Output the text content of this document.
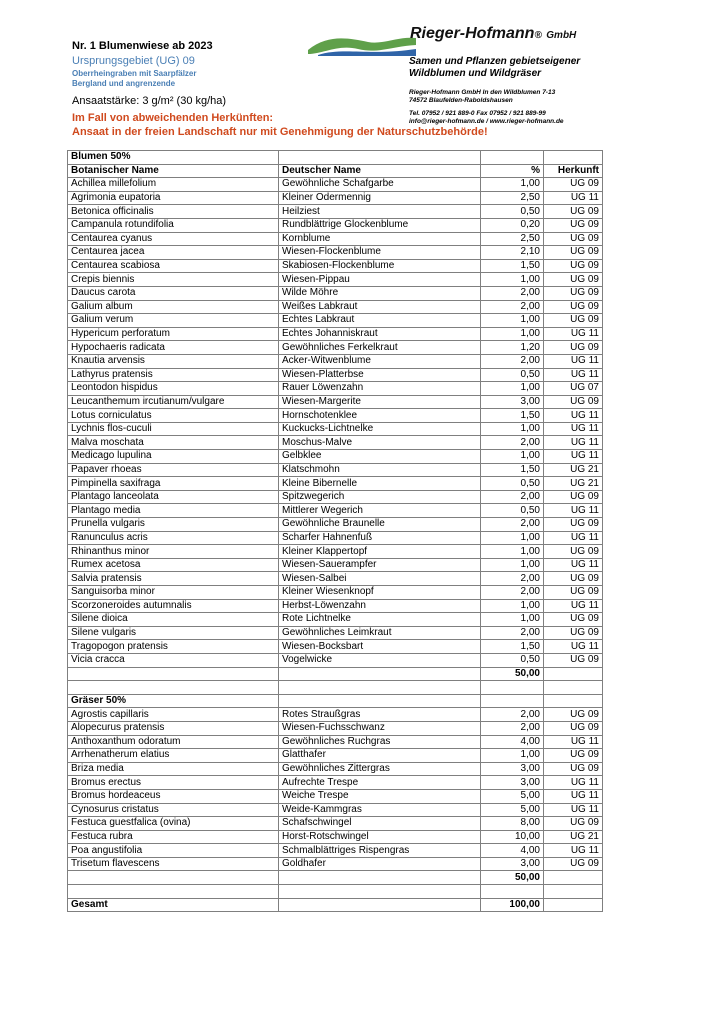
Nr. 1 Blumenwiese ab 2023
Ursprungsgebiet (UG) 09
Oberrheingraben mit Saarpfälzer
Bergland und angrenzende
Ansaatstärke: 3 g/m² (30 kg/ha)
Rieger-Hofmann® GmbH
Samen und Pflanzen gebietseigener
Wildblumen und Wildgräser
Rieger-Hofmann GmbH In den Wildblumen 7-13
74572 Blaufelden-Raboldshausen
Tel. 07952 / 921 889-0 Fax 07952 / 921 889-99
info@rieger-hofmann.de / www.rieger-hofmann.de
Im Fall von abweichenden Herkünften:
Ansaat in der freien Landschaft nur mit Genehmigung der Naturschutzbehörde!
Blumen 50%			
Botanischer Name	Deutscher Name	%	Herkunft
Achillea millefolium	Gewöhnliche Schafgarbe	1,00	UG 09
Agrimonia eupatoria	Kleiner Odermennig	2,50	UG 11
Betonica officinalis	Heilziest	0,50	UG 09
Campanula rotundifolia	Rundblättrige Glockenblume	0,20	UG 09
Centaurea cyanus	Kornblume	2,50	UG 09
Centaurea jacea	Wiesen-Flockenblume	2,10	UG 09
Centaurea scabiosa	Skabiosen-Flockenblume	1,50	UG 09
Crepis biennis	Wiesen-Pippau	1,00	UG 09
Daucus carota	Wilde Möhre	2,00	UG 09
Galium album	Weißes Labkraut	2,00	UG 09
Galium verum	Echtes Labkraut	1,00	UG 09
Hypericum perforatum	Echtes Johanniskraut	1,00	UG 11
Hypochaeris radicata	Gewöhnliches Ferkelkraut	1,20	UG 09
Knautia arvensis	Acker-Witwenblume	2,00	UG 11
Lathyrus pratensis	Wiesen-Platterbse	0,50	UG 11
Leontodon hispidus	Rauer Löwenzahn	1,00	UG 07
Leucanthemum ircutianum/vulgare	Wiesen-Margerite	3,00	UG 09
Lotus corniculatus	Hornschotenklee	1,50	UG 11
Lychnis flos-cuculi	Kuckucks-Lichtnelke	1,00	UG 11
Malva moschata	Moschus-Malve	2,00	UG 11
Medicago lupulina	Gelbklee	1,00	UG 11
Papaver rhoeas	Klatschmohn	1,50	UG 21
Pimpinella saxifraga	Kleine Bibernelle	0,50	UG 21
Plantago lanceolata	Spitzwegerich	2,00	UG 09
Plantago media	Mittlerer Wegerich	0,50	UG 11
Prunella vulgaris	Gewöhnliche Braunelle	2,00	UG 09
Ranunculus acris	Scharfer Hahnenfuß	1,00	UG 11
Rhinanthus minor	Kleiner Klappertopf	1,00	UG 09
Rumex acetosa	Wiesen-Sauerampfer	1,00	UG 11
Salvia pratensis	Wiesen-Salbei	2,00	UG 09
Sanguisorba minor	Kleiner Wiesenknopf	2,00	UG 09
Scorzoneroides autumnalis	Herbst-Löwenzahn	1,00	UG 11
Silene dioica	Rote Lichtnelke	1,00	UG 09
Silene vulgaris	Gewöhnliches Leimkraut	2,00	UG 09
Tragopogon pratensis	Wiesen-Bocksbart	1,50	UG 11
Vicia cracca	Vogelwicke	0,50	UG 09
		50,00	

Gräser 50%			
Agrostis capillaris	Rotes Straußgras	2,00	UG 09
Alopecurus pratensis	Wiesen-Fuchsschwanz	2,00	UG 09
Anthoxanthum odoratum	Gewöhnliches Ruchgras	4,00	UG 11
Arrhenatherum elatius	Glatthafer	1,00	UG 09
Briza media	Gewöhnliches Zittergras	3,00	UG 09
Bromus erectus	Aufrechte Trespe	3,00	UG 11
Bromus hordeaceus	Weiche Trespe	5,00	UG 11
Cynosurus cristatus	Weide-Kammgras	5,00	UG 11
Festuca guestfalica (ovina)	Schafschwingel	8,00	UG 09
Festuca rubra	Horst-Rotschwingel	10,00	UG 21
Poa angustifolia	Schmalblättriges Rispengras	4,00	UG 11
Trisetum flavescens	Goldhafer	3,00	UG 09
		50,00	

Gesamt		100,00	
